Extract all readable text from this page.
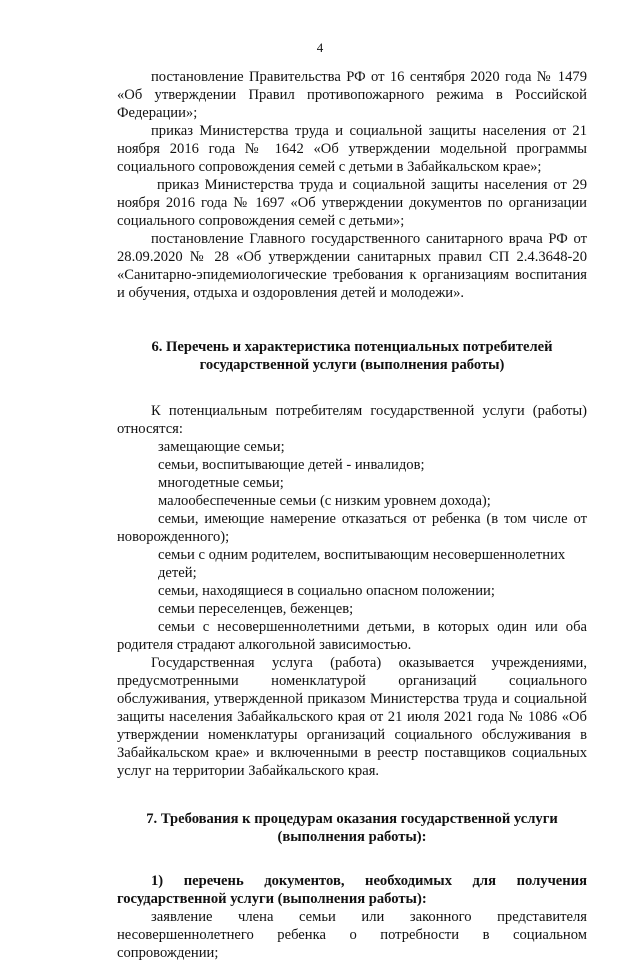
4

постановление Правительства РФ от 16 сентября 2020 года № 1479 «Об утверждении Правил противопожарного режима в Российской Федерации»;

приказ Министерства труда и социальной защиты населения от 21 ноября 2016 года № 1642 «Об утверждении модельной программы социального сопровождения семей с детьми в Забайкальском крае»;

приказ Министерства труда и социальной защиты населения от 29 ноября 2016 года № 1697 «Об утверждении документов по организации социального сопровождения семей с детьми»;

постановление Главного государственного санитарного врача РФ от 28.09.2020 № 28 «Об утверждении санитарных правил СП 2.4.3648-20 «Санитарно-эпидемиологические требования к организациям воспитания и обучения, отдыха и оздоровления детей и молодежи».

6. Перечень и характеристика потенциальных потребителей
государственной услуги (выполнения работы)

К потенциальным потребителям государственной услуги (работы) относятся:

замещающие семьи;

семьи, воспитывающие детей - инвалидов;

многодетные семьи;

малообеспеченные семьи (с низким уровнем дохода);

семьи, имеющие намерение отказаться от ребенка (в том числе от новорожденного);

семьи с одним родителем, воспитывающим несовершеннолетних детей;

семьи, находящиеся в социально опасном положении;

семьи переселенцев, беженцев;

семьи с несовершеннолетними детьми, в которых один или оба родителя страдают алкогольной зависимостью.

Государственная услуга (работа) оказывается учреждениями, предусмотренными номенклатурой организаций социального обслуживания, утвержденной приказом Министерства труда и социальной защиты населения Забайкальского края от 21 июля 2021 года № 1086 «Об утверждении номенклатуры организаций социального обслуживания в Забайкальском крае» и включенными в реестр поставщиков социальных услуг на территории Забайкальского края.

7. Требования к процедурам оказания государственной услуги
(выполнения работы):

1) перечень документов, необходимых для получения государственной услуги (выполнения работы):

заявление члена семьи или законного представителя несовершеннолетнего ребенка о потребности в социальном сопровождении;
